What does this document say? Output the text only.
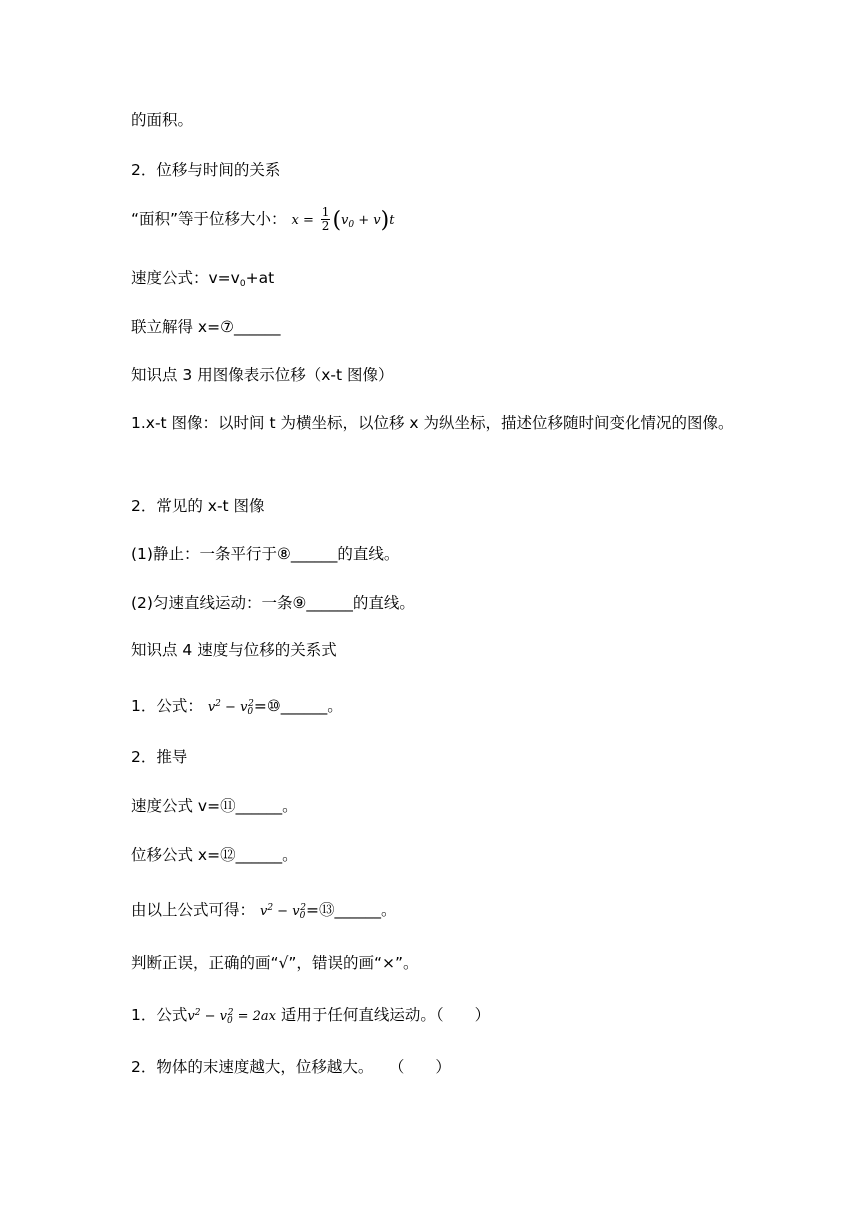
的面积。
2．位移与时间的关系
“面积”等于位移大小： $x = \frac{1}{2} (v_0 + v)t$
速度公式：$v=v_0+at$
联立解得 x=⑦______
知识点 3 用图像表示位移（x-t 图像）
1.x-t 图像：以时间 t 为横坐标，以位移 x 为纵坐标，描述位移随时间变化情况的图像。
2．常见的 x-t 图像
(1)静止：一条平行于⑧______的直线。
(2)匀速直线运动：一条⑨______的直线。
知识点 4 速度与位移的关系式
1．公式： $v^2$ − $v_0^2=⑩\_\_\_\_\_\_$。
2．推导
速度公式 v=⑪______。
位移公式 x=⑫______。
由以上公式可得： $v^2$ − $v_0^2=⑬\_\_\_\_\_\_$。
判断正误，正确的画“√”，错误的画“×”。
1．公式$v^2 - v_0^2 = 2ax$ 适用于任何直线运动。（　　）
2．物体的末速度越大，位移越大。　　（　　）
